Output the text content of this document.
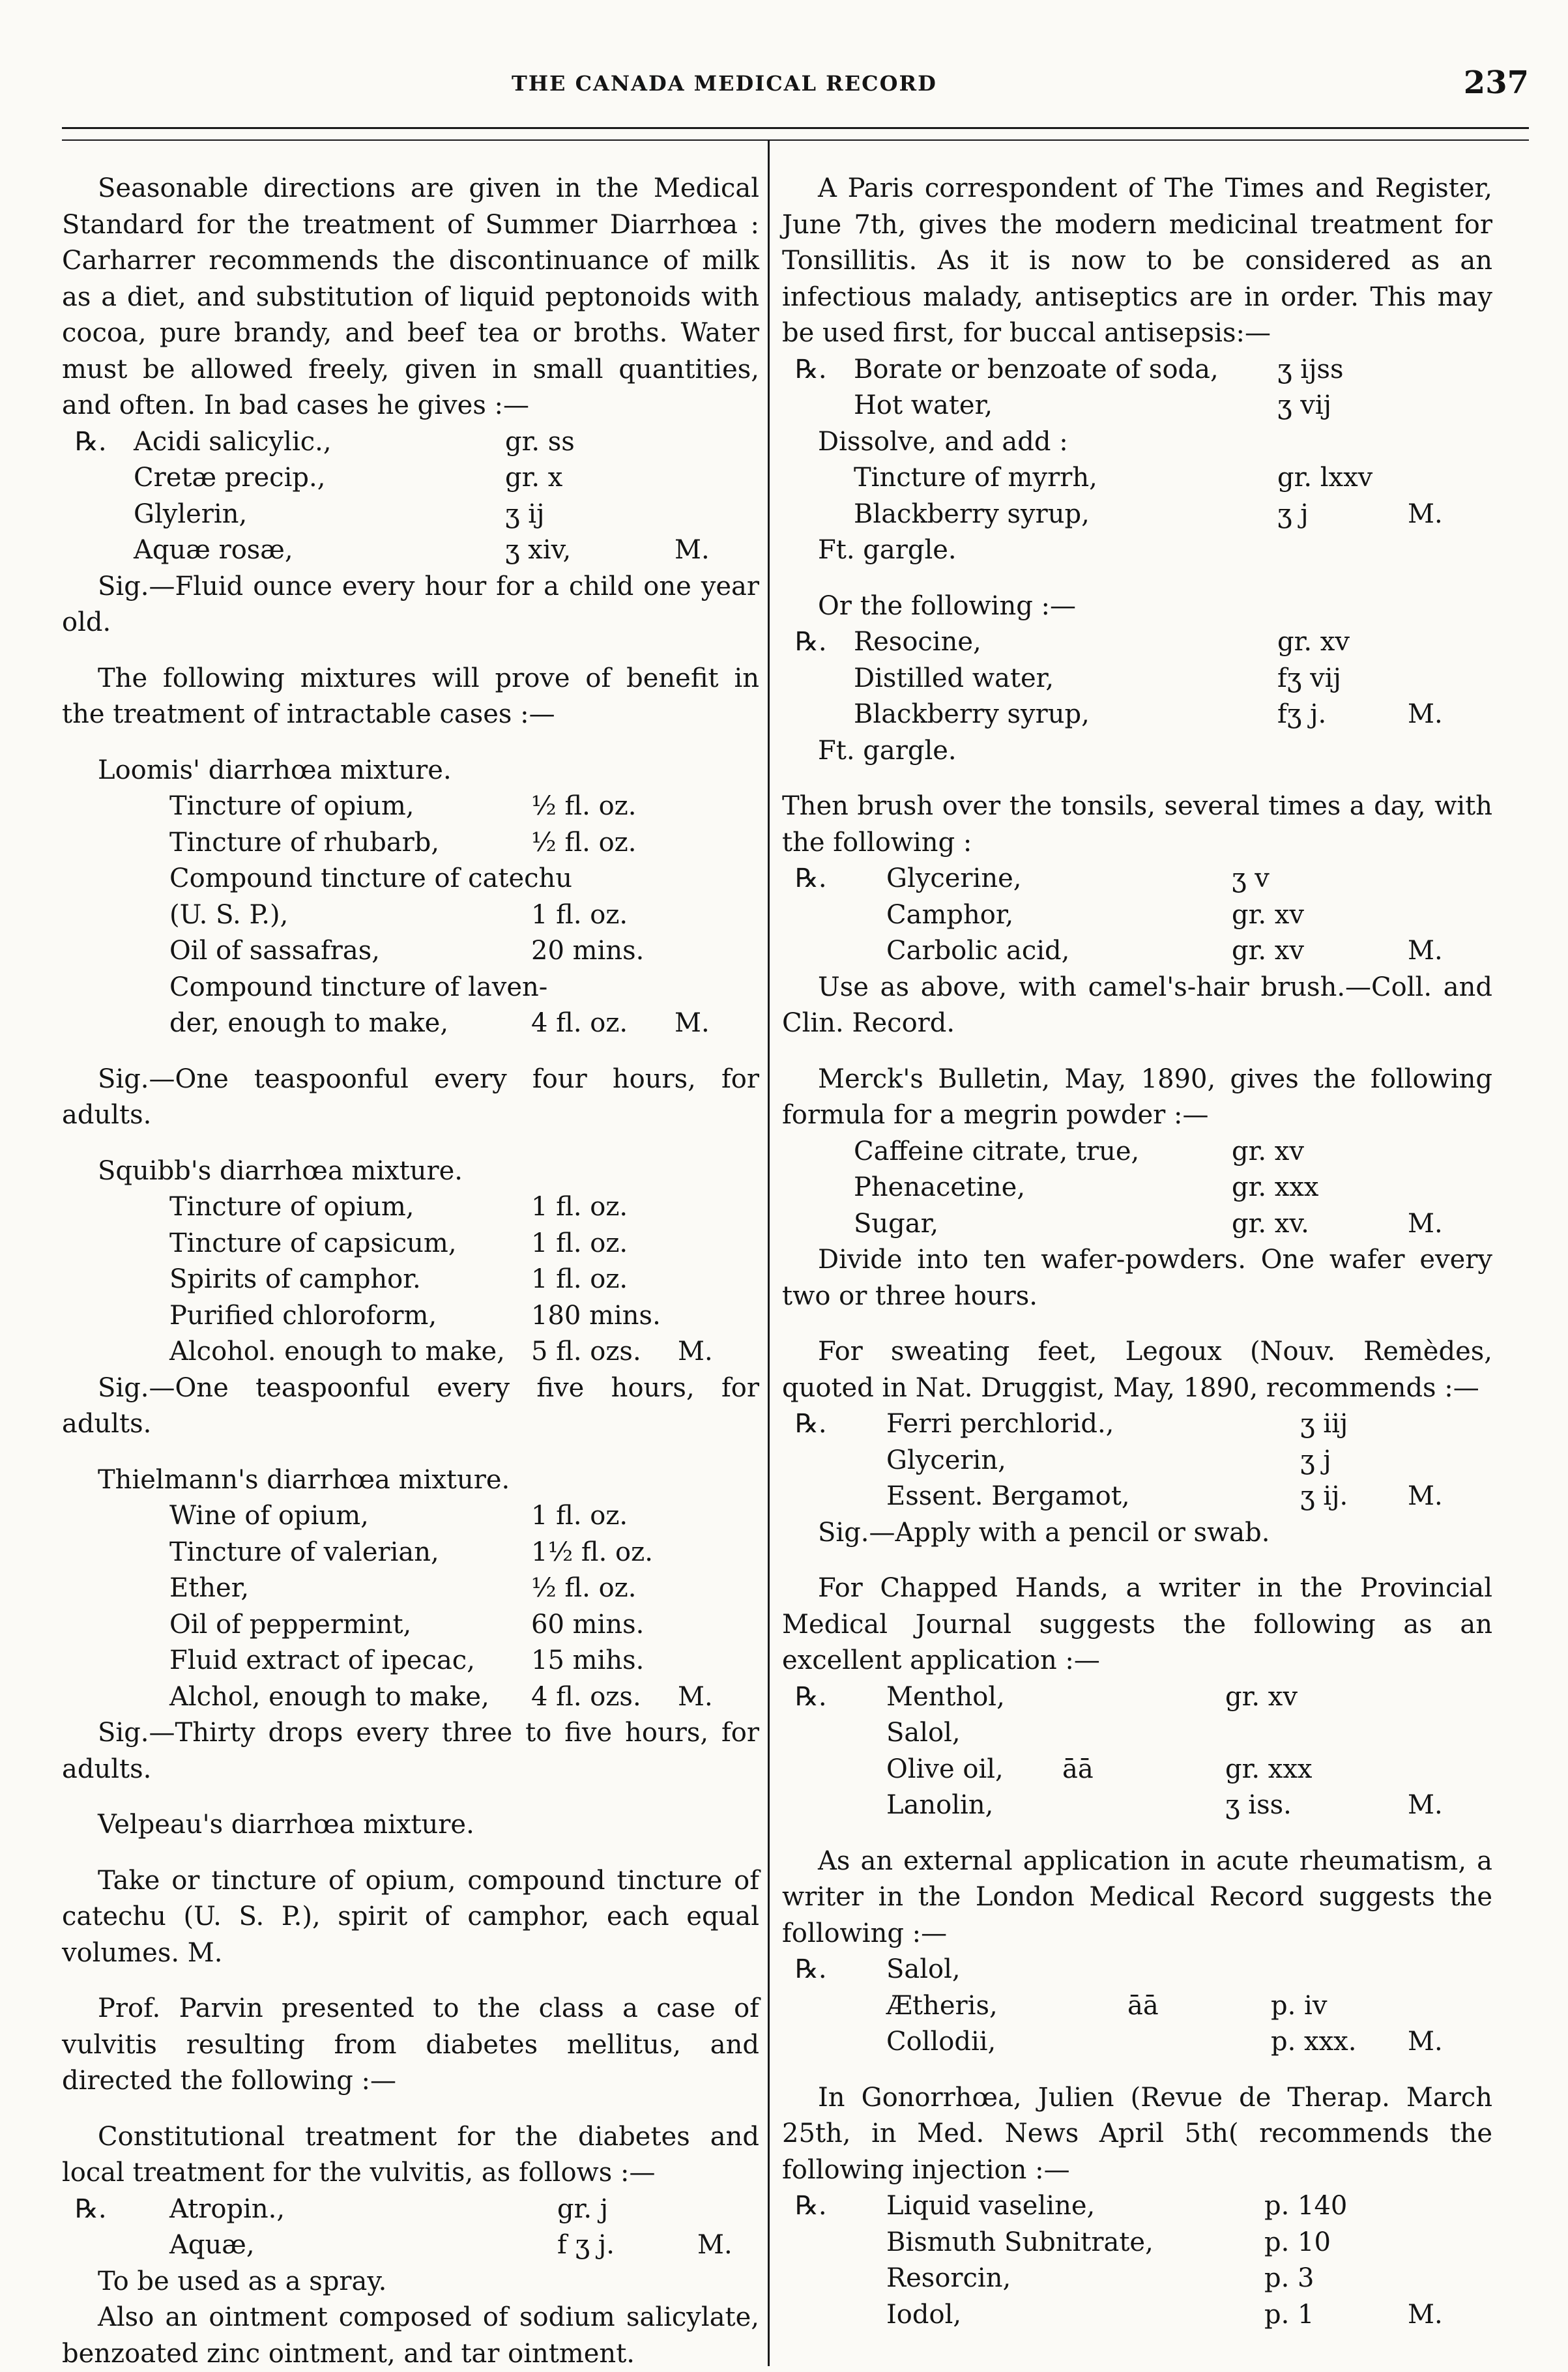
THE CANADA MEDICAL RECORD	237

Seasonable directions are given in the Medical Standard for the treatment of Summer Diarrhœa : Carharrer recommends the discontinuance of milk as a diet, and substitution of liquid peptonoids with cocoa, pure brandy, and beef tea or broths. Water must be allowed freely, given in small quantities, and often. In bad cases he gives :—

℞. Acidi salicylic.,	gr. ss
Cretæ precip.,	gr. x
Glylerin,	ʒ ij
Aquæ rosæ,	ʒ xiv,	M.

Sig.—Fluid ounce every hour for a child one year old.

The following mixtures will prove of benefit in the treatment of intractable cases :—

Loomis' diarrhœa mixture.

Tincture of opium,	½ fl. oz.
Tincture of rhubarb,	½ fl. oz.
Compound tincture of catechu
(U. S. P.),	1 fl. oz.
Oil of sassafras,	20 mins.
Compound tincture of laven-
der, enough to make,	4 fl. oz. M.

Sig.—One teaspoonful every four hours, for adults.

Squibb's diarrhœa mixture.

Tincture of opium,	1 fl. oz.
Tincture of capsicum,	1 fl. oz.
Spirits of camphor.	1 fl. oz.
Purified chloroform,	180 mins.
Alcohol. enough to make, 5 fl. ozs. M.

Sig.—One teaspoonful every five hours, for adults.

Thielmann's diarrhœa mixture.

Wine of opium,	1 fl. oz.
Tincture of valerian,	1½ fl. oz.
Ether,	½ fl. oz.
Oil of peppermint,	60 mins.
Fluid extract of ipecac, 15 mihs.
Alchol, enough to make, 4 fl. ozs. M.

Sig.—Thirty drops every three to five hours, for adults.

Velpeau's diarrhœa mixture.

Take or tincture of opium, compound tincture of catechu (U. S. P.), spirit of camphor, each equal volumes. M.

Prof. Parvin presented to the class a case of vulvitis resulting from diabetes mellitus, and directed the following :—

Constitutional treatment for the diabetes and local treatment for the vulvitis, as follows :—

℞. Atropin.,	gr. j
Aquæ,	f ʒ j.	M.

To be used as a spray.

Also an ointment composed of sodium salicylate, benzoated zinc ointment, and tar ointment.

A Paris correspondent of The Times and Register, June 7th, gives the modern medicinal treatment for Tonsillitis. As it is now to be considered as an infectious malady, antiseptics are in order. This may be used first, for buccal antisepsis:—

℞. Borate or benzoate of soda, ʒ ijss
Hot water,	ʒ vij

Dissolve, and add :

Tincture of myrrh,	gr. lxxv
Blackberry syrup,	ʒ j	M.

Ft. gargle.

Or the following :—

℞. Resocine,	gr. xv
Distilled water,	fʒ vij
Blackberry syrup,	fʒ j.	M.

Ft. gargle.

Then brush over the tonsils, several times a day, with the following :

℞. Glycerine,	ʒ v
Camphor,	gr. xv
Carbolic acid,	gr. xv	M.

Use as above, with camel's-hair brush.—Coll. and Clin. Record.

Merck's Bulletin, May, 1890, gives the following formula for a megrin powder :—

Caffeine citrate, true,	gr. xv
Phenacetine,	gr. xxx
Sugar,	gr. xv.	M.

Divide into ten wafer-powders. One wafer every two or three hours.

For sweating feet, Legoux (Nouv. Remèdes, quoted in Nat. Druggist, May, 1890, recommends :—

℞. Ferri perchlorid.,	ʒ iij
Glycerin,	ʒ j
Essent. Bergamot,	ʒ ij. M.

Sig.—Apply with a pencil or swab.

For Chapped Hands, a writer in the Provincial Medical Journal suggests the following as an excellent application :—

℞. Menthol,	gr. xv
Salol,
Olive oil, āā	gr. xxx
Lanolin,	ʒ iss.	M.

As an external application in acute rheumatism, a writer in the London Medical Record suggests the following :—

℞. Salol,
Ætheris,	āā	p. iv
Collodii,	p. xxx. M.

In Gonorrhœa, Julien (Revue de Therap. March 25th, in Med. News April 5th( recommends the following injection :—

℞. Liquid vaseline,	p. 140
Bismuth Subnitrate,	p. 10
Resorcin,	p. 3
Iodol,	p. 1	M.
